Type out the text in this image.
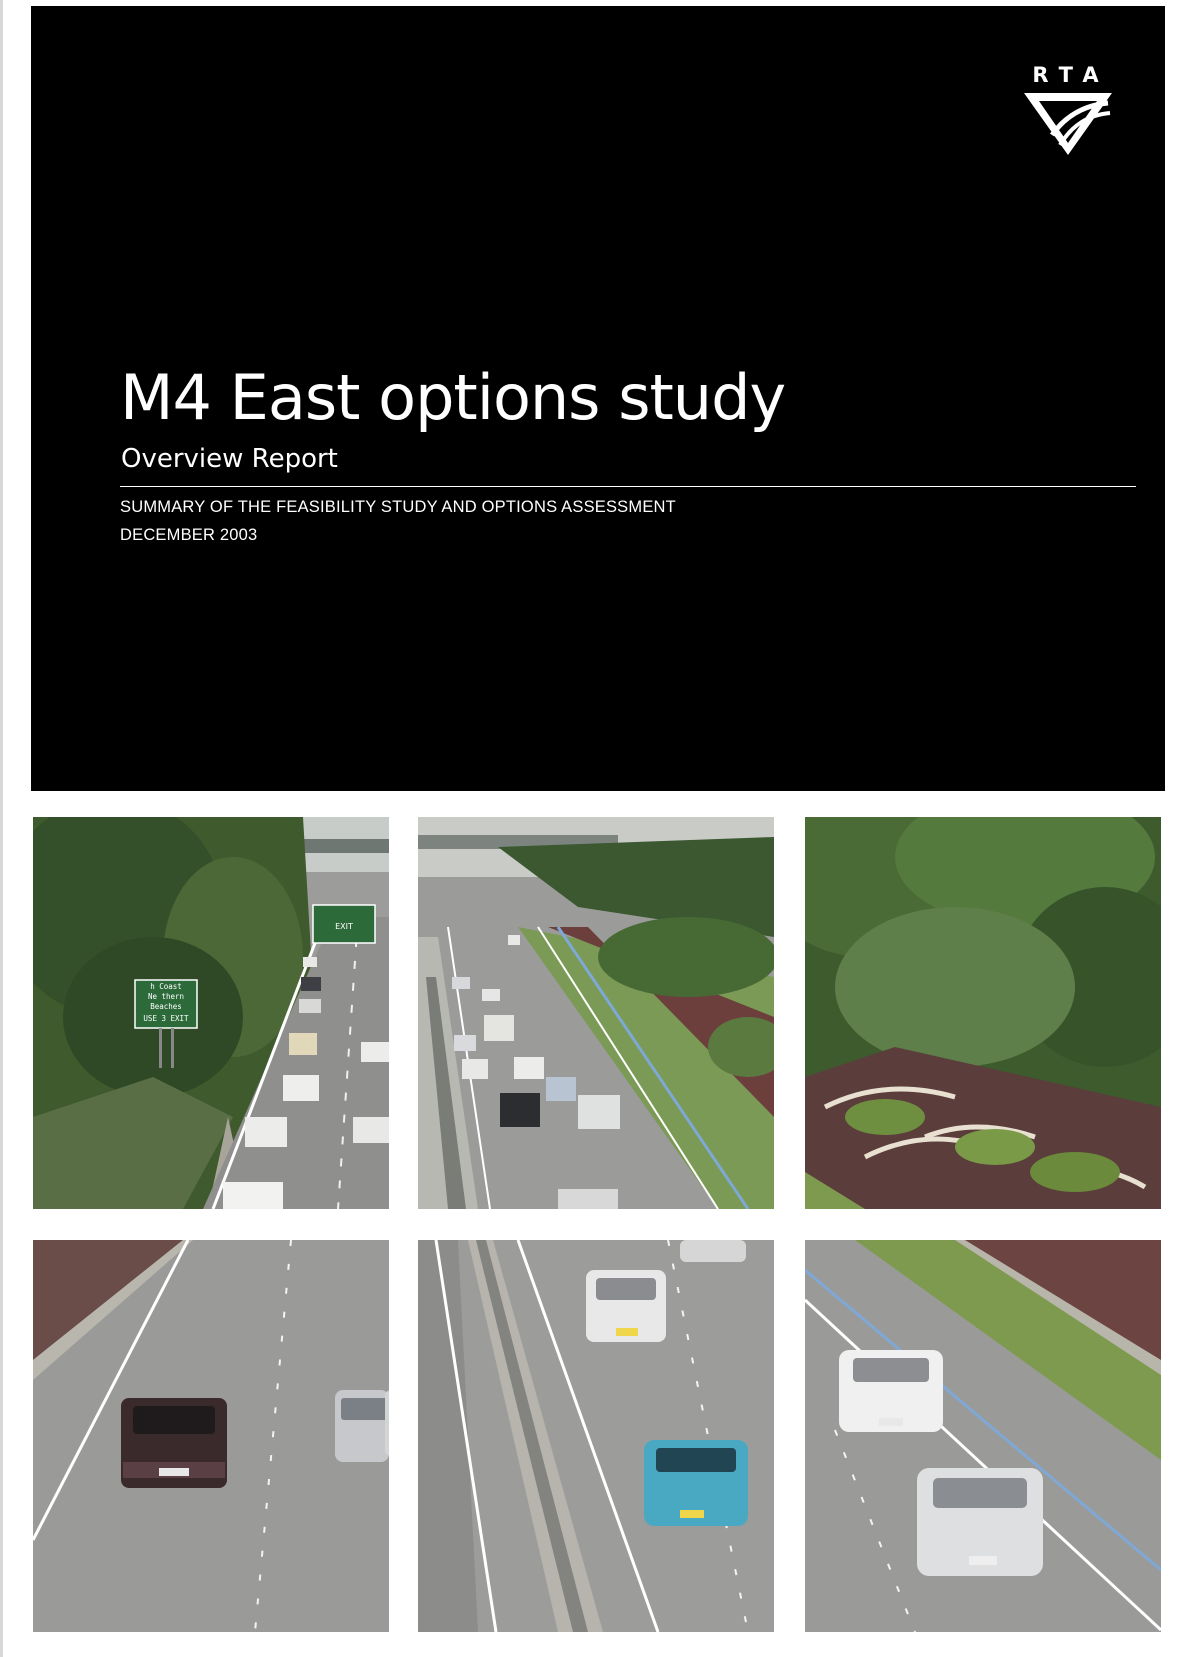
RTA
M4 East options study
Overview Report
SUMMARY OF THE FEASIBILITY STUDY AND OPTIONS ASSESSMENT
DECEMBER 2003
EXIT
h Coast
Ne thern
Beaches
USE 3 EXIT
